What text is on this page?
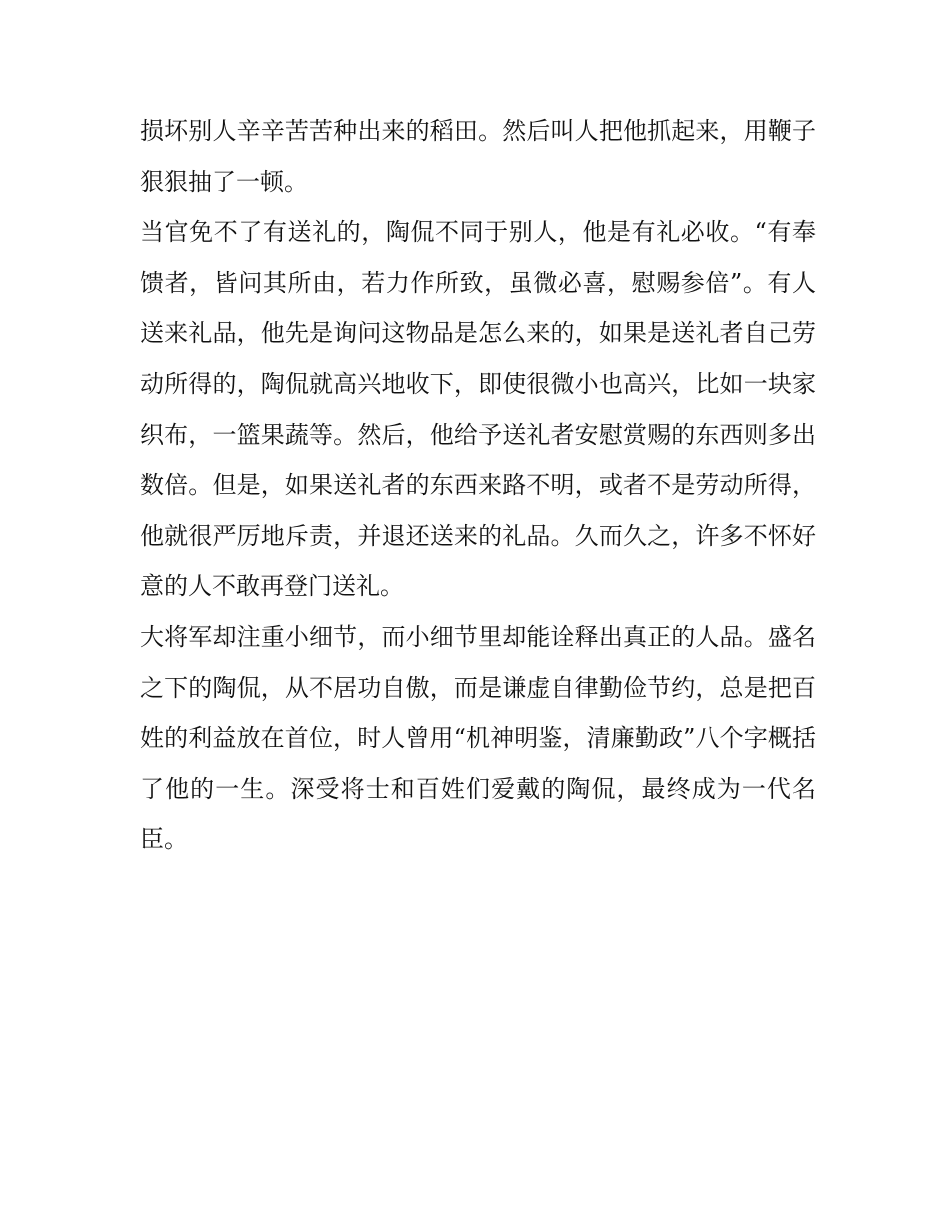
损坏别人辛辛苦苦种出来的稻田。然后叫人把他抓起来，用鞭子狠狠抽了一顿。

当官免不了有送礼的，陶侃不同于别人，他是有礼必收。“有奉馈者，皆问其所由，若力作所致，虽微必喜，慰赐参倍”。有人送来礼品，他先是询问这物品是怎么来的，如果是送礼者自己劳动所得的，陶侃就高兴地收下，即使很微小也高兴，比如一块家织布，一篮果蔬等。然后，他给予送礼者安慰赏赐的东西则多出数倍。但是，如果送礼者的东西来路不明，或者不是劳动所得，他就很严厉地斥责，并退还送来的礼品。久而久之，许多不怀好意的人不敢再登门送礼。

大将军却注重小细节，而小细节里却能诠释出真正的人品。盛名之下的陶侃，从不居功自傲，而是谦虚自律勤俭节约，总是把百姓的利益放在首位，时人曾用“机神明鉴，清廉勤政”八个字概括了他的一生。深受将士和百姓们爱戴的陶侃，最终成为一代名臣。
